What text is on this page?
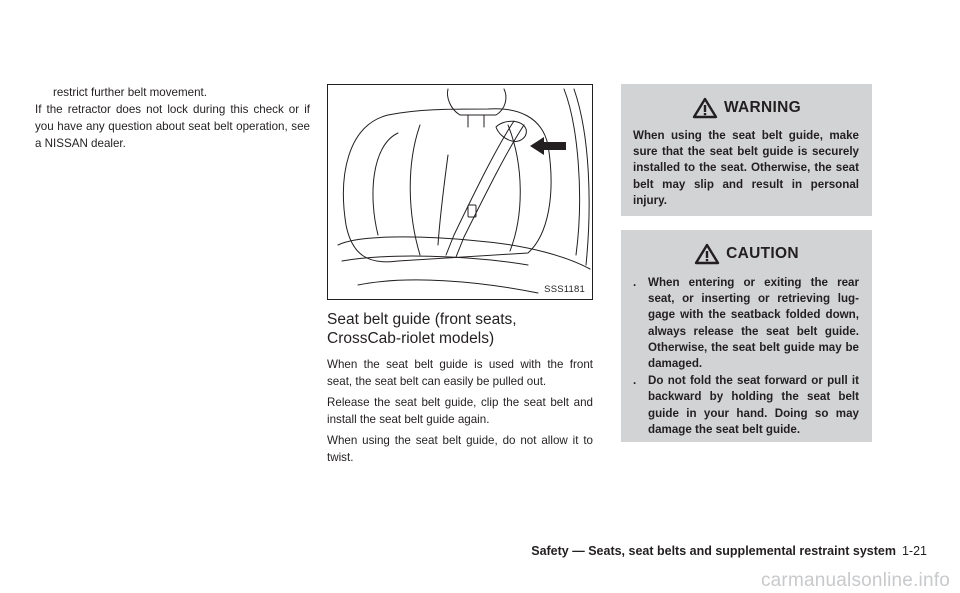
restrict further belt movement.

If the retractor does not lock during this check or if you have any question about seat belt operation, see a NISSAN dealer.

SSS1181
Seat belt guide (front seats, CrossCab-riolet models)

When the seat belt guide is used with the front seat, the seat belt can easily be pulled out.

Release the seat belt guide, clip the seat belt and install the seat belt guide again.

When using the seat belt guide, do not allow it to twist.

WARNING
When using the seat belt guide, make sure that the seat belt guide is securely installed to the seat. Otherwise, the seat belt may slip and result in personal injury.
CAUTION
.	When entering or exiting the rear seat, or inserting or retrieving lug-gage with the seatback folded down, always release the seat belt guide. Otherwise, the seat belt guide may be damaged.
.	Do not fold the seat forward or pull it backward by holding the seat belt guide in your hand. Doing so may damage the seat belt guide.
Safety — Seats, seat belts and supplemental restraint system 1-21
carmanualsonline.info
